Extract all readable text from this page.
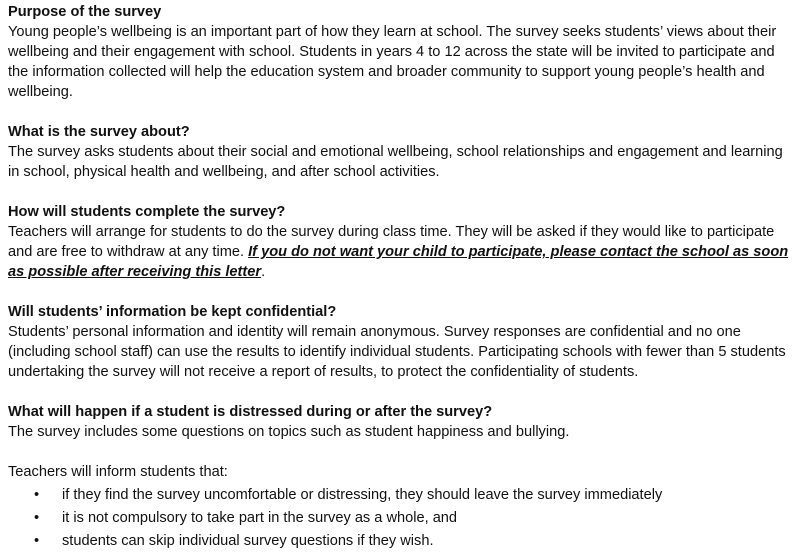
Purpose of the survey

Young people’s wellbeing is an important part of how they learn at school. The survey seeks students’ views about their wellbeing and their engagement with school. Students in years 4 to 12 across the state will be invited to participate and the information collected will help the education system and broader community to support young people’s health and wellbeing.

What is the survey about?

The survey asks students about their social and emotional wellbeing, school relationships and engagement and learning in school, physical health and wellbeing, and after school activities.

How will students complete the survey?

Teachers will arrange for students to do the survey during class time. They will be asked if they would like to participate and are free to withdraw at any time. If you do not want your child to participate, please contact the school as soon as possible after receiving this letter.

Will students’ information be kept confidential?

Students’ personal information and identity will remain anonymous. Survey responses are confidential and no one (including school staff) can use the results to identify individual students. Participating schools with fewer than 5 students undertaking the survey will not receive a report of results, to protect the confidentiality of students.

What will happen if a student is distressed during or after the survey?

The survey includes some questions on topics such as student happiness and bullying.

Teachers will inform students that:

• if they find the survey uncomfortable or distressing, they should leave the survey immediately
• it is not compulsory to take part in the survey as a whole, and
• students can skip individual survey questions if they wish.
